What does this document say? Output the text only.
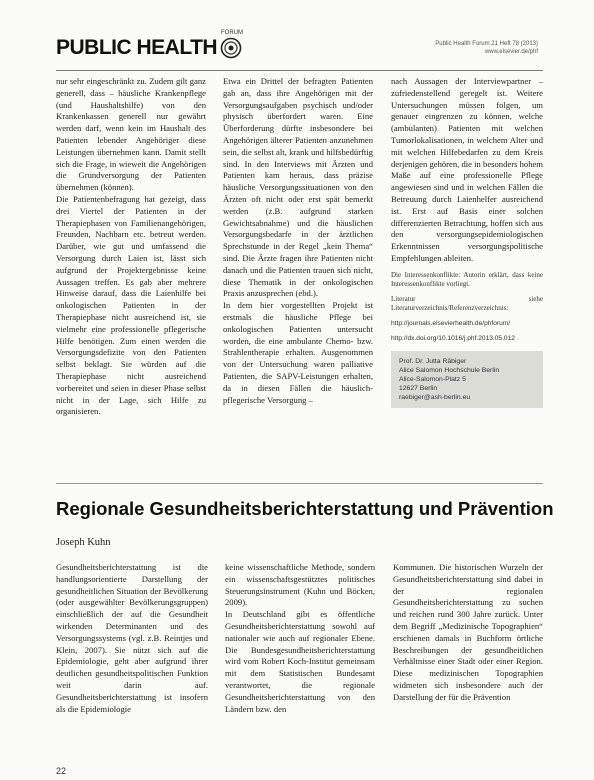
PUBLIC HEALTH
FORUM
Public Health Forum 21 Heft 78 (2013)
www.elsevier.de/phf

nur sehr eingeschränkt zu. Zudem gilt ganz generell, dass – häusliche Krankenpflege (und Haushaltshilfe) von den Krankenkassen generell nur gewährt werden darf, wenn kein im Haushalt des Patienten lebender Angehöriger diese Leistungen übernehmen kann. Damit stellt sich die Frage, in wieweit die Angehörigen die Grundversorgung der Patienten übernehmen (können).

Die Patientenbefragung hat gezeigt, dass drei Viertel der Patienten in der Therapiephasen von Familienangehörigen, Freunden, Nachbarn etc. betreut werden. Darüber, wie gut und umfassend die Versorgung durch Laien ist, lässt sich aufgrund der Projektergebnisse keine Aussagen treffen. Es gab aber mehrere Hinweise darauf, dass die Laienhilfe bei onkologischen Patienten in der Therapiephase nicht ausreichend ist, sie vielmehr eine professionelle pflegerische Hilfe benötigen. Zum einen werden die Versorgungsdefizite von den Patienten selbst beklagt. Sie würden auf die Therapiephase nicht ausreichend vorbereitet und seien in dieser Phase selbst nicht in der Lage, sich Hilfe zu organisieren.

Etwa ein Drittel der befragten Patienten gab an, dass ihre Angehörigen mit der Versorgungsaufgaben psychisch und/oder physisch überfordert waren. Eine Überforderung dürfte insbesondere bei Angehörigen älterer Patienten anzunehmen sein, die selbst alt, krank und hilfsbedürftig sind. In den Interviews mit Ärzten und Patienten kam heraus, dass präzise häusliche Versorgungssituationen von den Ärzten oft nicht oder erst spät bemerkt werden (z.B. aufgrund starken Gewichtsabnahme) und die häuslichen Versorgungsbedarfe in der ärztlichen Sprechstunde in der Regel „kein Thema“ sind. Die Ärzte fragen ihre Patienten nicht danach und die Patienten trauen sich nicht, diese Thematik in der onkologischen Praxis anzusprechen (ebd.).

In dem hier vorgestellten Projekt ist erstmals die häusliche Pflege bei onkologischen Patienten untersucht worden, die eine ambulante Chemo- bzw. Strahlentherapie erhalten. Ausgenommen von der Untersuchung waren palliative Patienten, die SAPV-Leistungen erhalten, da in diesen Fällen die häuslich-pflegerische Versorgung –

nach Aussagen der Interviewpartner – zufriedenstellend geregelt ist. Weitere Untersuchungen müssen folgen, um genauer eingrenzen zu können, welche (ambulanten) Patienten mit welchen Tumorlokalisationen, in welchem Alter und mit welchen Hilfebedarfen zu dem Kreis derjenigen gehören, die in besonders hohem Maße auf eine professionelle Pflege angewiesen sind und in welchen Fällen die Betreuung durch Laienhelfer ausreichend ist. Erst auf Basis einer solchen differenzierten Betrachtung, hoffen sich aus den versorgungsepidemiologischen Erkenntnissen versorgungspolitische Empfehlungen ableiten.

Die Interessenkonflikte: Autorin erklärt, dass keine Interessenkonflikte vorliegt.
Literatur siehe Literaturverzeichnis/Referenzverzeichnis:
http://journals.elsevierhealth.de/phforum/
http://dx.doi.org/10.1016/j.phf.2013.05.012
Prof. Dr. Jutta Räbiger
Alice Salomon Hochschule Berlin
Alice-Salomon-Platz 5
12627 Berlin
raebiger@ash-berlin.eu
Regionale Gesundheitsberichterstattung und Prävention
Joseph Kuhn

Gesundheitsberichterstattung ist die handlungsorientierte Darstellung der gesundheitlichen Situation der Bevölkerung (oder ausgewählter Bevölkerungsgruppen) einschließlich der auf die Gesundheit wirkenden Determinanten und des Versorgungssystems (vgl. z.B. Reintjes und Klein, 2007). Sie nützt sich auf die Epidemiologie, geht aber aufgrund ihrer deutlichen gesundheitspolitischen Funktion weit darin auf. Gesundheitsberichterstattung ist insofern als die Epidemiologie

keine wissenschaftliche Methode, sondern ein wissenschaftsgestütztes politisches Steuerungsinstrument (Kuhn und Böcken, 2009).

In Deutschland gibt es öffentliche Gesundheitsberichterstattung sowohl auf nationaler wie auch auf regionaler Ebene. Die Bundesgesundheitsberichterstattung wird vom Robert Koch-Institut gemeinsam mit dem Statistischen Bundesamt verantwortet, die regionale Gesundheitsberichterstattung von den Ländern bzw. den

Kommunen. Die historischen Wurzeln der Gesundheitsberichterstattung sind dabei in der regionalen Gesundheitsberichterstattung zu suchen und reichen rund 300 Jahre zurück. Unter dem Begriff „Medizinische Topographien“ erschienen damals in Buchform örtliche Beschreibungen der gesundheitlichen Verhältnisse einer Stadt oder einer Region. Diese medizinischen Topographien widmeten sich insbesondere auch der Darstellung der für die Prävention

22
